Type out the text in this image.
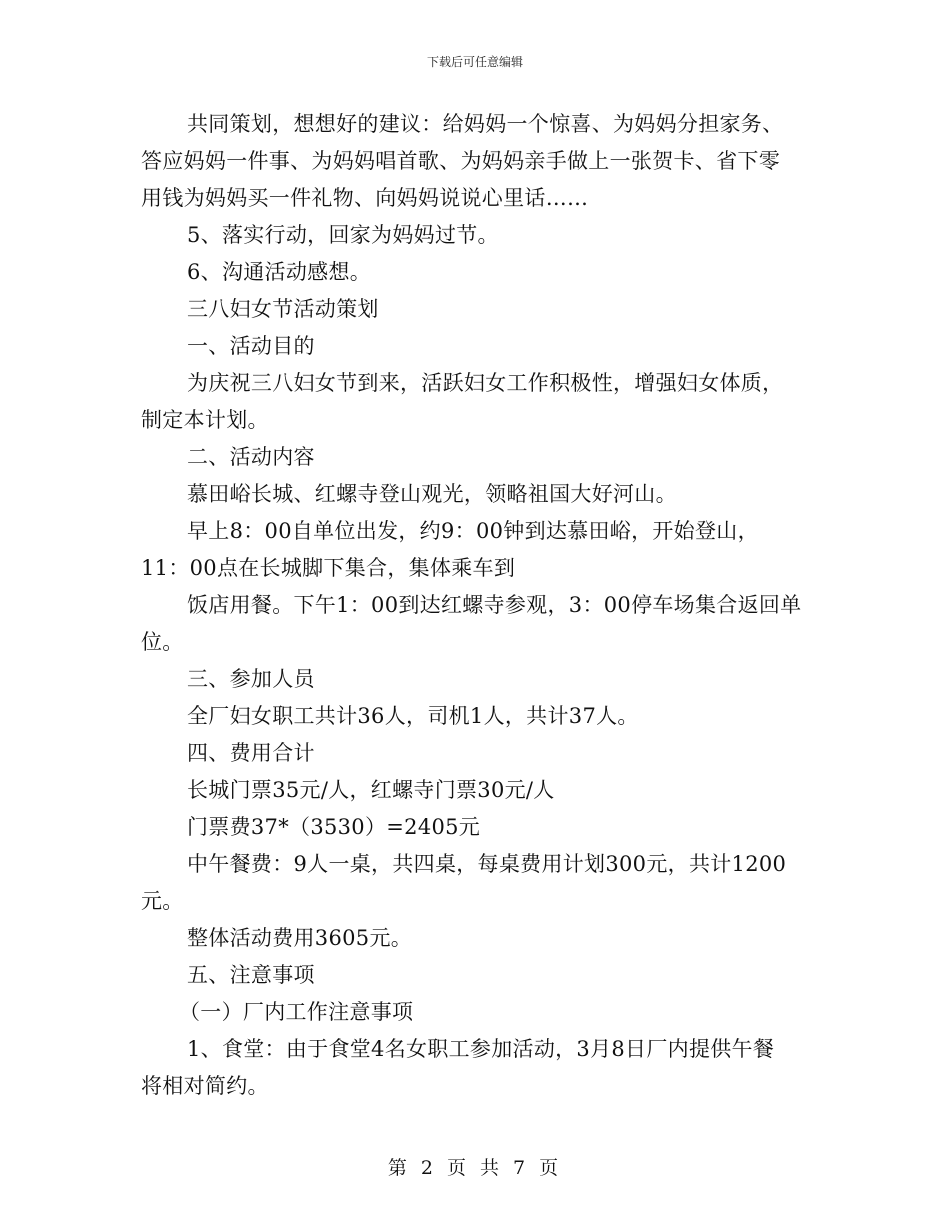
下载后可任意编辑

共同策划，想想好的建议：给妈妈一个惊喜、为妈妈分担家务、

答应妈妈一件事、为妈妈唱首歌、为妈妈亲手做上一张贺卡、省下零

用钱为妈妈买一件礼物、向妈妈说说心里话……

5、落实行动，回家为妈妈过节。

6、沟通活动感想。

三八妇女节活动策划

一、活动目的

为庆祝三八妇女节到来，活跃妇女工作积极性，增强妇女体质，

制定本计划。

二、活动内容

慕田峪长城、红螺寺登山观光，领略祖国大好河山。

早上8：00自单位出发，约9：00钟到达慕田峪，开始登山，

11：00点在长城脚下集合，集体乘车到

饭店用餐。下午1：00到达红螺寺参观，3：00停车场集合返回单

位。

三、参加人员

全厂妇女职工共计36人，司机1人，共计37人。

四、费用合计

长城门票35元/人，红螺寺门票30元/人

门票费37*（3530）=2405元

中午餐费：9人一桌，共四桌，每桌费用计划300元，共计1200

元。

整体活动费用3605元。

五、注意事项

（一）厂内工作注意事项

1、食堂：由于食堂4名女职工参加活动，3月8日厂内提供午餐

将相对简约。

第 2 页 共 7 页
